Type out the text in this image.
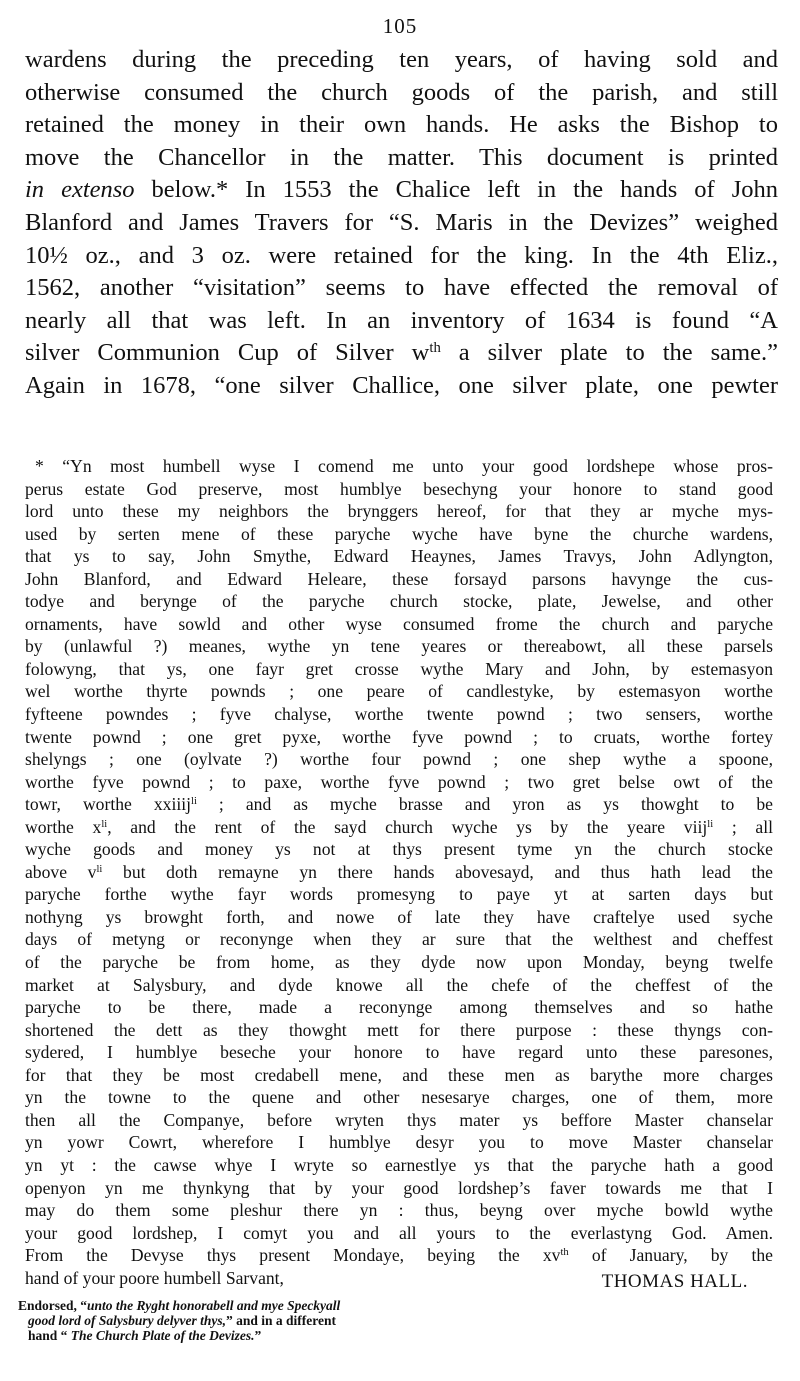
105
wardens during the preceding ten years, of having sold and
otherwise consumed the church goods of the parish, and still
retained the money in their own hands. He asks the Bishop to
move the Chancellor in the matter. This document is printed
in extenso below.* In 1553 the Chalice left in the hands of John
Blanford and James Travers for “S. Maris in the Devizes” weighed
10½ oz., and 3 oz. were retained for the king. In the 4th Eliz.,
1562, another “visitation” seems to have effected the removal of
nearly all that was left. In an inventory of 1634 is found “A
silver Communion Cup of Silver $w^{th}$ a silver plate to the same.”
Again in 1678, “one silver Challice, one silver plate, one pewter
* “Yn most humbell wyse I comend me unto your good lordshepe whose pros-
perus estate God preserve, most humblye besechyng your honore to stand good
lord unto these my neighbors the brynggers hereof, for that they ar myche mys-
used by serten mene of these paryche wyche have byne the churche wardens,
that ys to say, John Smythe, Edward Heaynes, James Travys, John Adlyngton,
John Blanford, and Edward Heleare, these forsayd parsons havynge the cus-
todye and berynge of the paryche church stocke, plate, Jewelse, and other
ornaments, have sowld and other wyse consumed frome the church and paryche
by (unlawful ?) meanes, wythe yn tene yeares or thereabowt, all these parsels
folowyng, that ys, one fayr gret crosse wythe Mary and John, by estemasyon
wel worthe thyrte pownds ; one peare of candlestyke, by estemasyon worthe
fyfteene powndes ; fyve chalyse, worthe twente pownd ; two sensers, worthe
twente pownd ; one gret pyxe, worthe fyve pownd ; to cruats, worthe fortey
shelyngs ; one (oylvate ?) worthe four pownd ; one shep wythe a spoone,
worthe fyve pownd ; to paxe, worthe fyve pownd ; two gret belse owt of the
towr, worthe xxiiij$^{li}$ ; and as myche brasse and yron as ys thowght to be
worthe $x^{li}$, and the rent of the sayd church wyche ys by the yeare viij$^{li}$ ; all
wyche goods and money ys not at thys present tyme yn the church stocke
above $v^{li}$ but doth remayne yn there hands abovesayd, and thus hath lead the
paryche forthe wythe fayr words promesyng to paye yt at sarten days but
nothyng ys browght forth, and nowe of late they have craftelye used syche
days of metyng or reconynge when they ar sure that the welthest and cheffest
of the paryche be from home, as they dyde now upon Monday, beyng twelfe
market at Salysbury, and dyde knowe all the chefe of the cheffest of the
paryche to be there, made a reconynge among themselves and so hathe
shortened the dett as they thowght mett for there purpose : these thyngs con-
sydered, I humblye beseche your honore to have regard unto these paresones,
for that they be most credabell mene, and these men as barythe more charges
yn the towne to the quene and other nesesarye charges, one of them, more
then all the Companye, before wryten thys mater ys beffore Master chanselar
yn yowr Cowrt, wherefore I humblye desyr you to move Master chanselar
yn yt : the cawse whye I wryte so earnestlye ys that the paryche hath a good
openyon yn me thynkyng that by your good lordshep’s faver towards me that I
may do them some pleshur there yn : thus, beyng over myche bowld wythe
your good lordshep, I comyt you and all yours to the everlastyng God. Amen.
From the Devyse thys present Mondaye, beying the $xv^{th}$ of January, by the
hand of your poore humbell Sarvant,	THOMAS HALL.
Endorsed, “unto the Ryght honorabell and mye Speckyall
good lord of Salysbury delyver thys,” and in a different
hand “ The Church Plate of the Devizes.”
